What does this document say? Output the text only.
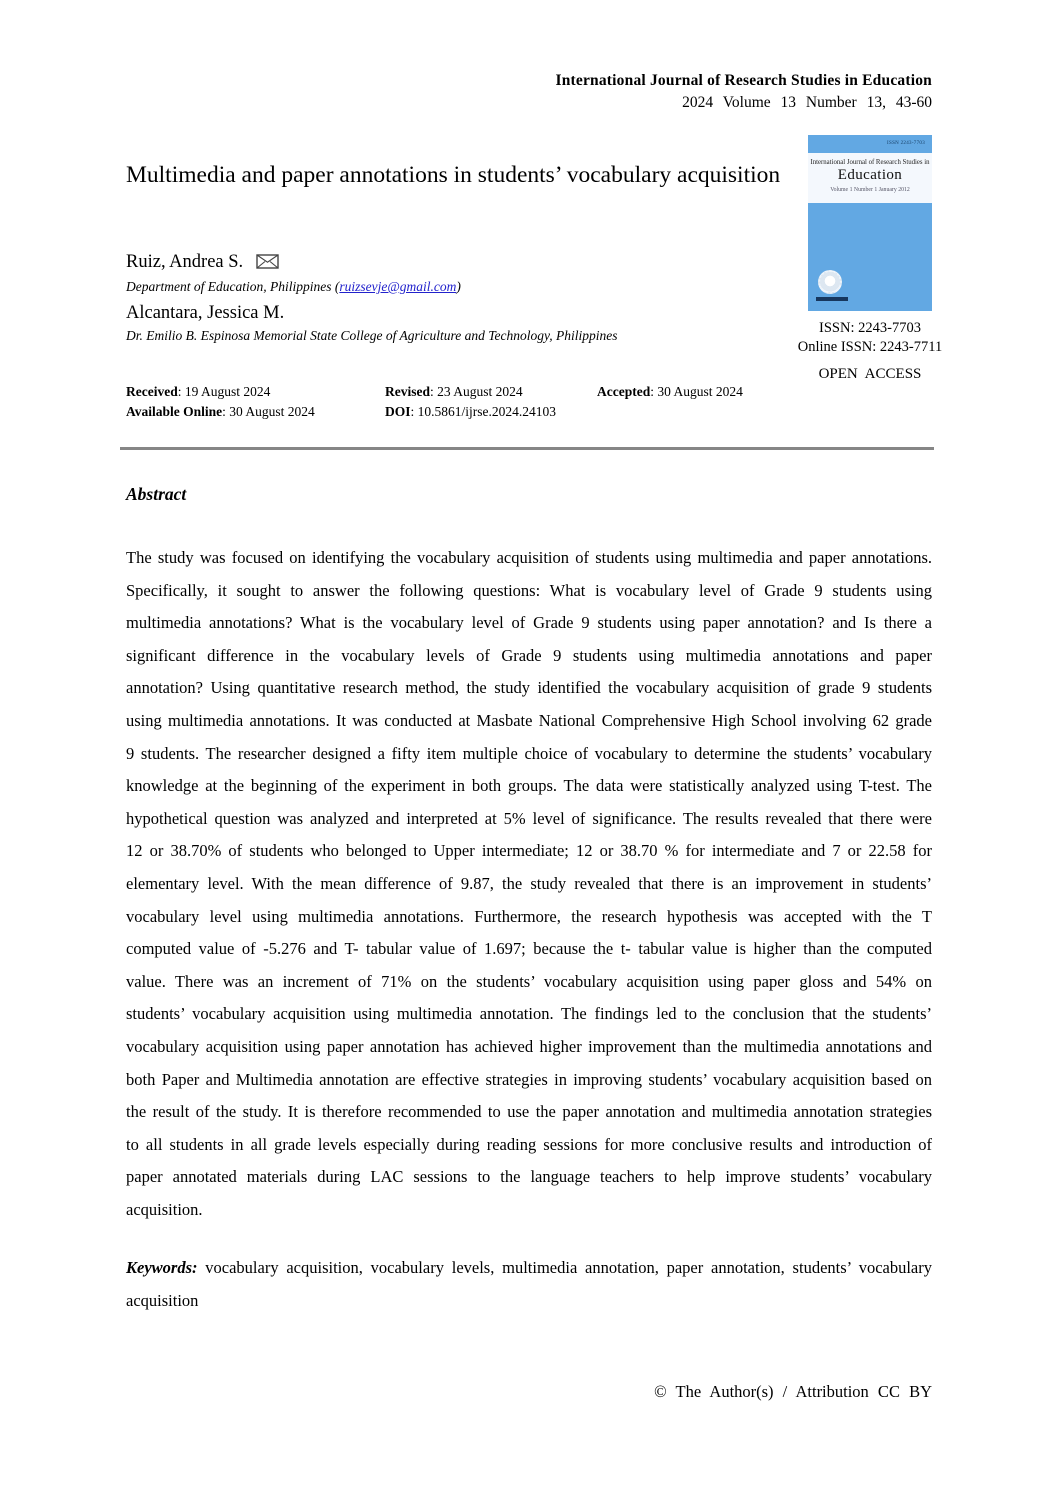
International Journal of Research Studies in Education
2024 Volume 13 Number 13, 43-60
Multimedia and paper annotations in students’ vocabulary acquisition
Ruiz, Andrea S.
Department of Education, Philippines (ruizsevje@gmail.com)
Alcantara, Jessica M.
Dr. Emilio B. Espinosa Memorial State College of Agriculture and Technology, Philippines
Received: 19 August 2024	Revised: 23 August 2024	Accepted: 30 August 2024
Available Online: 30 August 2024	DOI: 10.5861/ijrse.2024.24103
ISSN 2243-7703
International Journal of Research Studies in
Education
Volume 1 Number 1 January 2012
ISSN: 2243-7703
Online ISSN: 2243-7711
OPEN ACCESS
Abstract
The study was focused on identifying the vocabulary acquisition of students using multimedia and paper annotations. Specifically, it sought to answer the following questions: What is vocabulary level of Grade 9 students using multimedia annotations? What is the vocabulary level of Grade 9 students using paper annotation? and Is there a significant difference in the vocabulary levels of Grade 9 students using multimedia annotations and paper annotation? Using quantitative research method, the study identified the vocabulary acquisition of grade 9 students using multimedia annotations. It was conducted at Masbate National Comprehensive High School involving 62 grade 9 students. The researcher designed a fifty item multiple choice of vocabulary to determine the students’ vocabulary knowledge at the beginning of the experiment in both groups. The data were statistically analyzed using T-test. The hypothetical question was analyzed and interpreted at 5% level of significance. The results revealed that there were 12 or 38.70% of students who belonged to Upper intermediate; 12 or 38.70 % for intermediate and 7 or 22.58 for elementary level. With the mean difference of 9.87, the study revealed that there is an improvement in students’ vocabulary level using multimedia annotations. Furthermore, the research hypothesis was accepted with the T computed value of -5.276 and T- tabular value of 1.697; because the t- tabular value is higher than the computed value. There was an increment of 71% on the students’ vocabulary acquisition using paper gloss and 54% on students’ vocabulary acquisition using multimedia annotation. The findings led to the conclusion that the students’ vocabulary acquisition using paper annotation has achieved higher improvement than the multimedia annotations and both Paper and Multimedia annotation are effective strategies in improving students’ vocabulary acquisition based on the result of the study. It is therefore recommended to use the paper annotation and multimedia annotation strategies to all students in all grade levels especially during reading sessions for more conclusive results and introduction of paper annotated materials during LAC sessions to the language teachers to help improve students’ vocabulary acquisition.
Keywords: vocabulary acquisition, vocabulary levels, multimedia annotation, paper annotation, students’ vocabulary acquisition
© The Author(s) / Attribution CC BY
